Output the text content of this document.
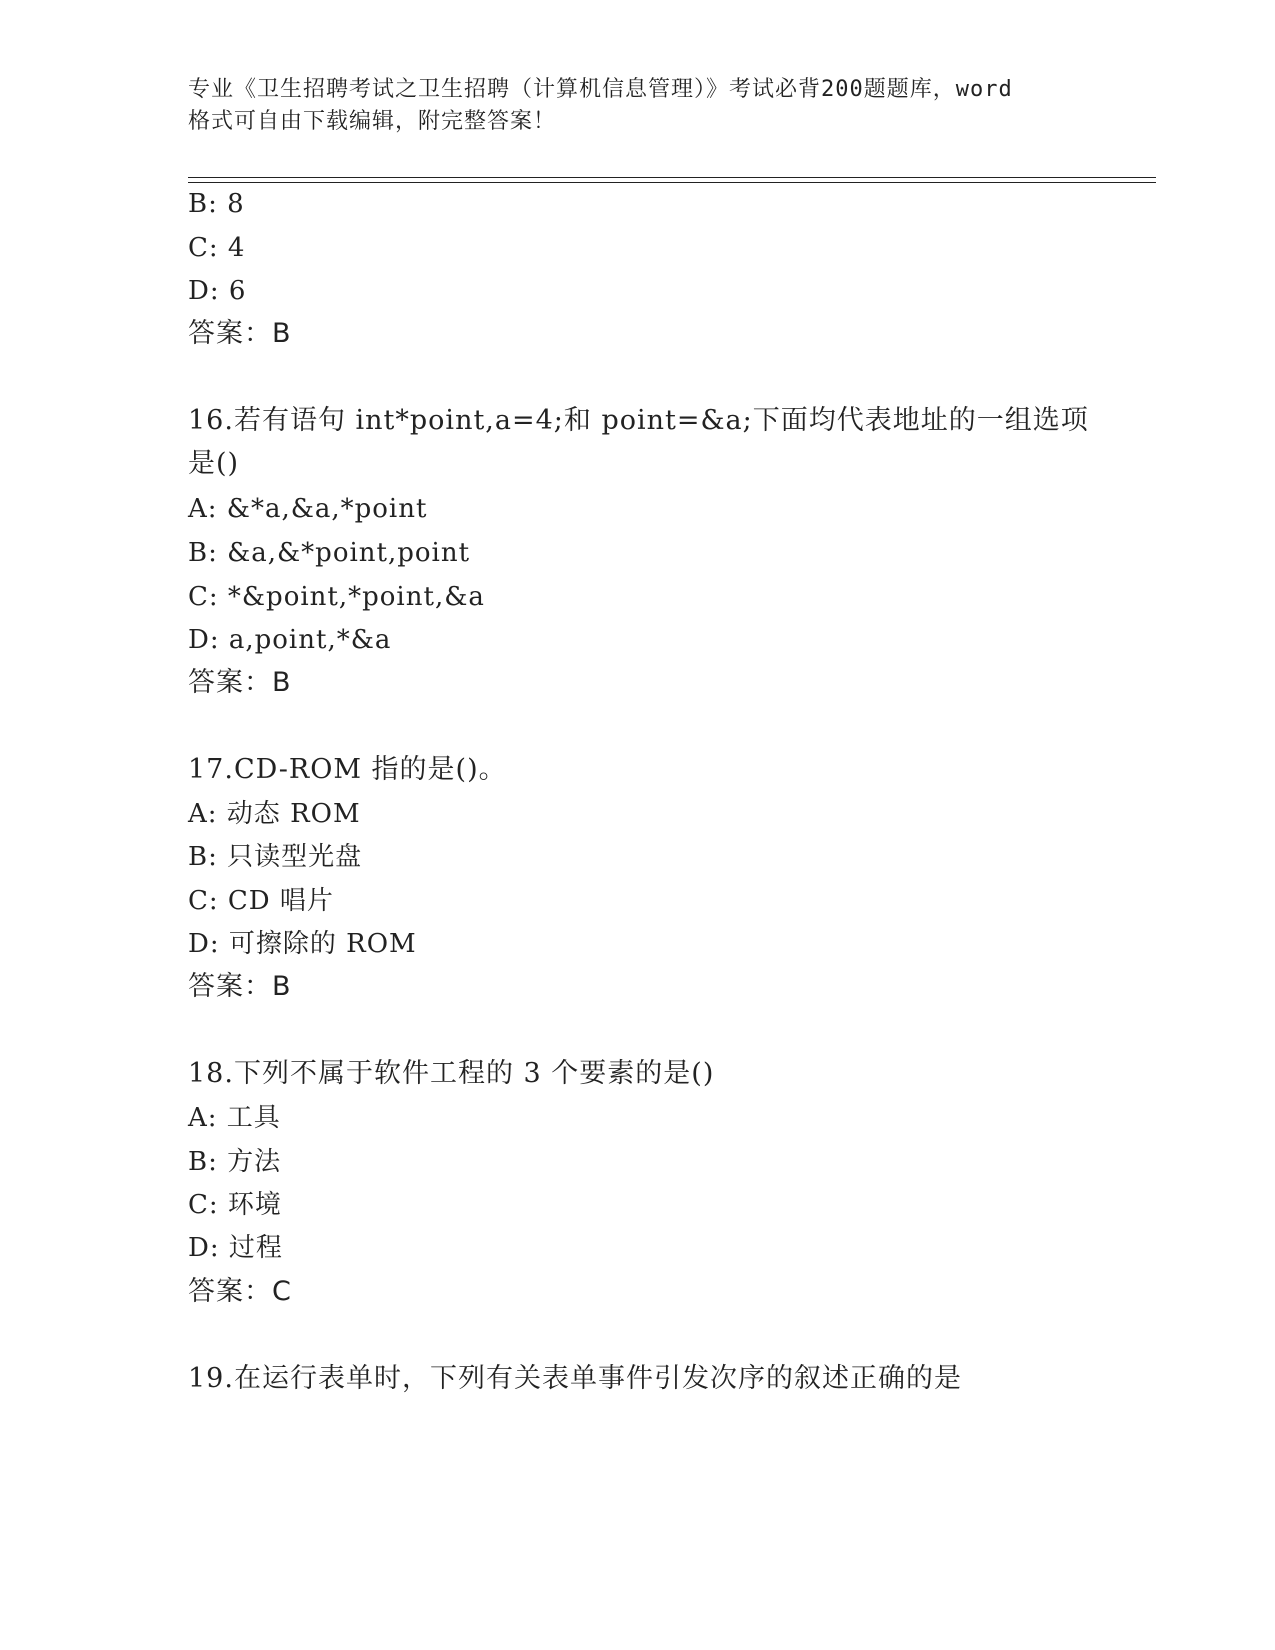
专业《卫生招聘考试之卫生招聘（计算机信息管理）》考试必背200题题库，word
格式可自由下载编辑，附完整答案！
B: 8
C: 4
D: 6
答案：B
16.若有语句 int*point,a=4;和 point=&a;下面均代表地址的一组选项
是()
A: &*a,&a,*point
B: &a,&*point,point
C: *&point,*point,&a
D: a,point,*&a
答案：B
17.CD-ROM 指的是()。
A: 动态 ROM
B: 只读型光盘
C: CD 唱片
D: 可擦除的 ROM
答案：B
18.下列不属于软件工程的 3 个要素的是()
A: 工具
B: 方法
C: 环境
D: 过程
答案：C
19.在运行表单时，下列有关表单事件引发次序的叙述正确的是
